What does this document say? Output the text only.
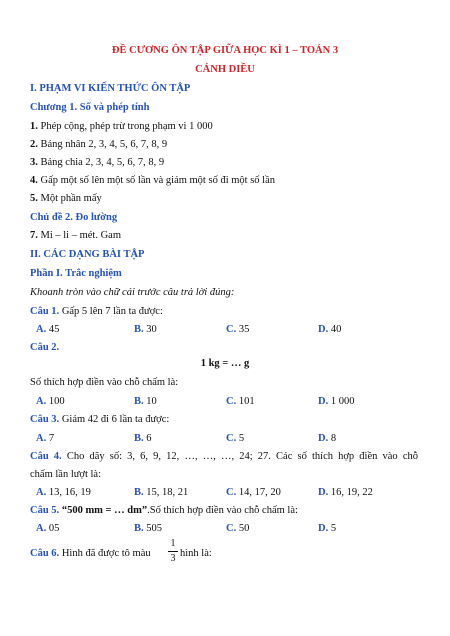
ĐỀ CƯƠNG ÔN TẬP GIỮA HỌC KÌ 1 – TOÁN 3
CÁNH DIỀU
I. PHẠM VI KIẾN THỨC ÔN TẬP
Chương 1. Số và phép tính
1. Phép cộng, phép trừ trong phạm vi 1 000
2. Bảng nhân 2, 3, 4, 5, 6, 7, 8, 9
3. Bảng chia 2, 3, 4, 5, 6, 7, 8, 9
4. Gấp một số lên một số lần và giảm một số đi một số lần
5. Một phần mấy
Chủ đề 2. Đo lường
7. Mi – li – mét. Gam
II. CÁC DẠNG BÀI TẬP
Phần I. Trắc nghiệm
Khoanh tròn vào chữ cái trước câu trả lời đúng:
Câu 1. Gấp 5 lên 7 lần ta được:
A. 45	B. 30	C. 35	D. 40
Câu 2.
1 kg = … g
Số thích hợp điền vào chỗ chấm là:
A. 100	B. 10	C. 101	D. 1 000
Câu 3. Giảm 42 đi 6 lần ta được:
A. 7	B. 6	C. 5	D. 8
Câu 4. Cho dãy số: 3, 6, 9, 12, …, …, …, 24; 27. Các số thích hợp điền vào chỗ
chấm lần lượt là:
A. 13, 16, 19	B. 15, 18, 21	C. 14, 17, 20	D. 16, 19, 22
Câu 5. “500 mm = … dm”.Số thích hợp điền vào chỗ chấm là:
A. 05	B. 505	C. 50	D. 5
Câu 6. Hình đã được tô màu
1
3 hình là:
